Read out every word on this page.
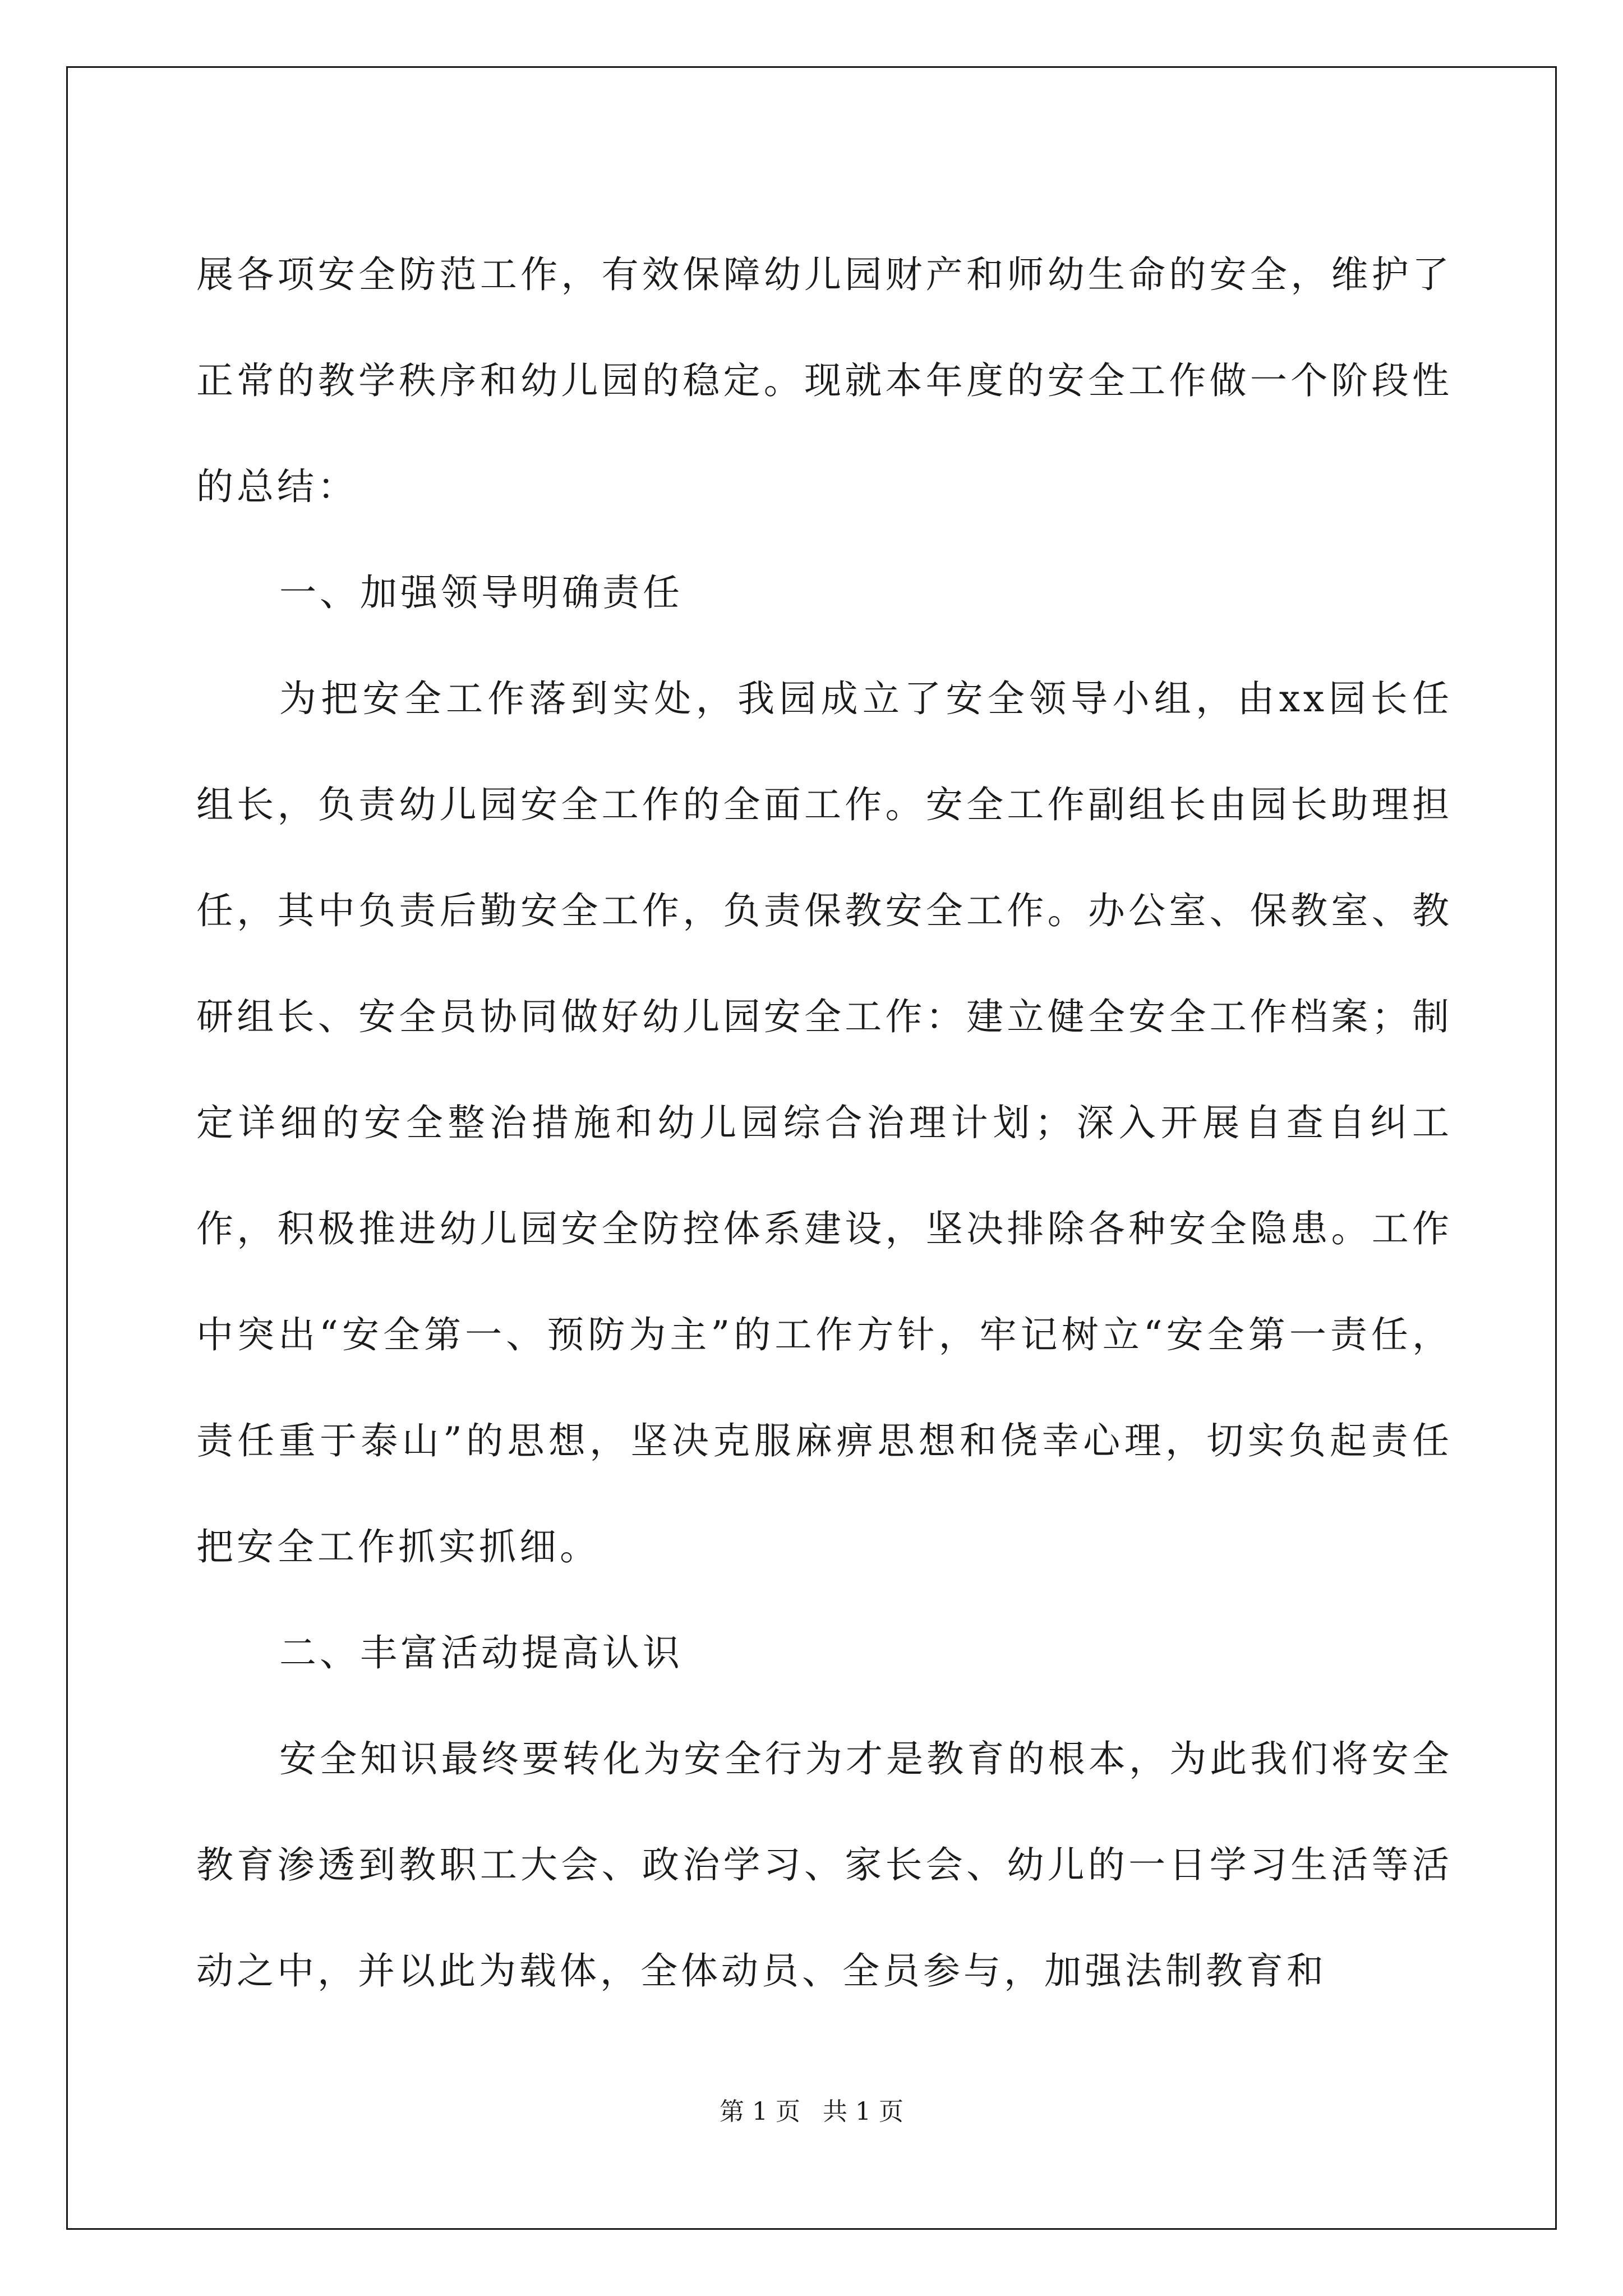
展各项安全防范工作，有效保障幼儿园财产和师幼生命的安全，维护了正常的教学秩序和幼儿园的稳定。现就本年度的安全工作做一个阶段性的总结：

一、加强领导明确责任

为把安全工作落到实处，我园成立了安全领导小组，由xx园长任组长，负责幼儿园安全工作的全面工作。安全工作副组长由园长助理担任，其中负责后勤安全工作，负责保教安全工作。办公室、保教室、教研组长、安全员协同做好幼儿园安全工作：建立健全安全工作档案；制定详细的安全整治措施和幼儿园综合治理计划；深入开展自查自纠工作，积极推进幼儿园安全防控体系建设，坚决排除各种安全隐患。工作中突出“安全第一、预防为主”的工作方针，牢记树立“安全第一责任，责任重于泰山”的思想，坚决克服麻痹思想和侥幸心理，切实负起责任把安全工作抓实抓细。

二、丰富活动提高认识

安全知识最终要转化为安全行为才是教育的根本，为此我们将安全教育渗透到教职工大会、政治学习、家长会、幼儿的一日学习生活等活动之中，并以此为载体，全体动员、全员参与，加强法制教育和

第 1 页 共 1 页
